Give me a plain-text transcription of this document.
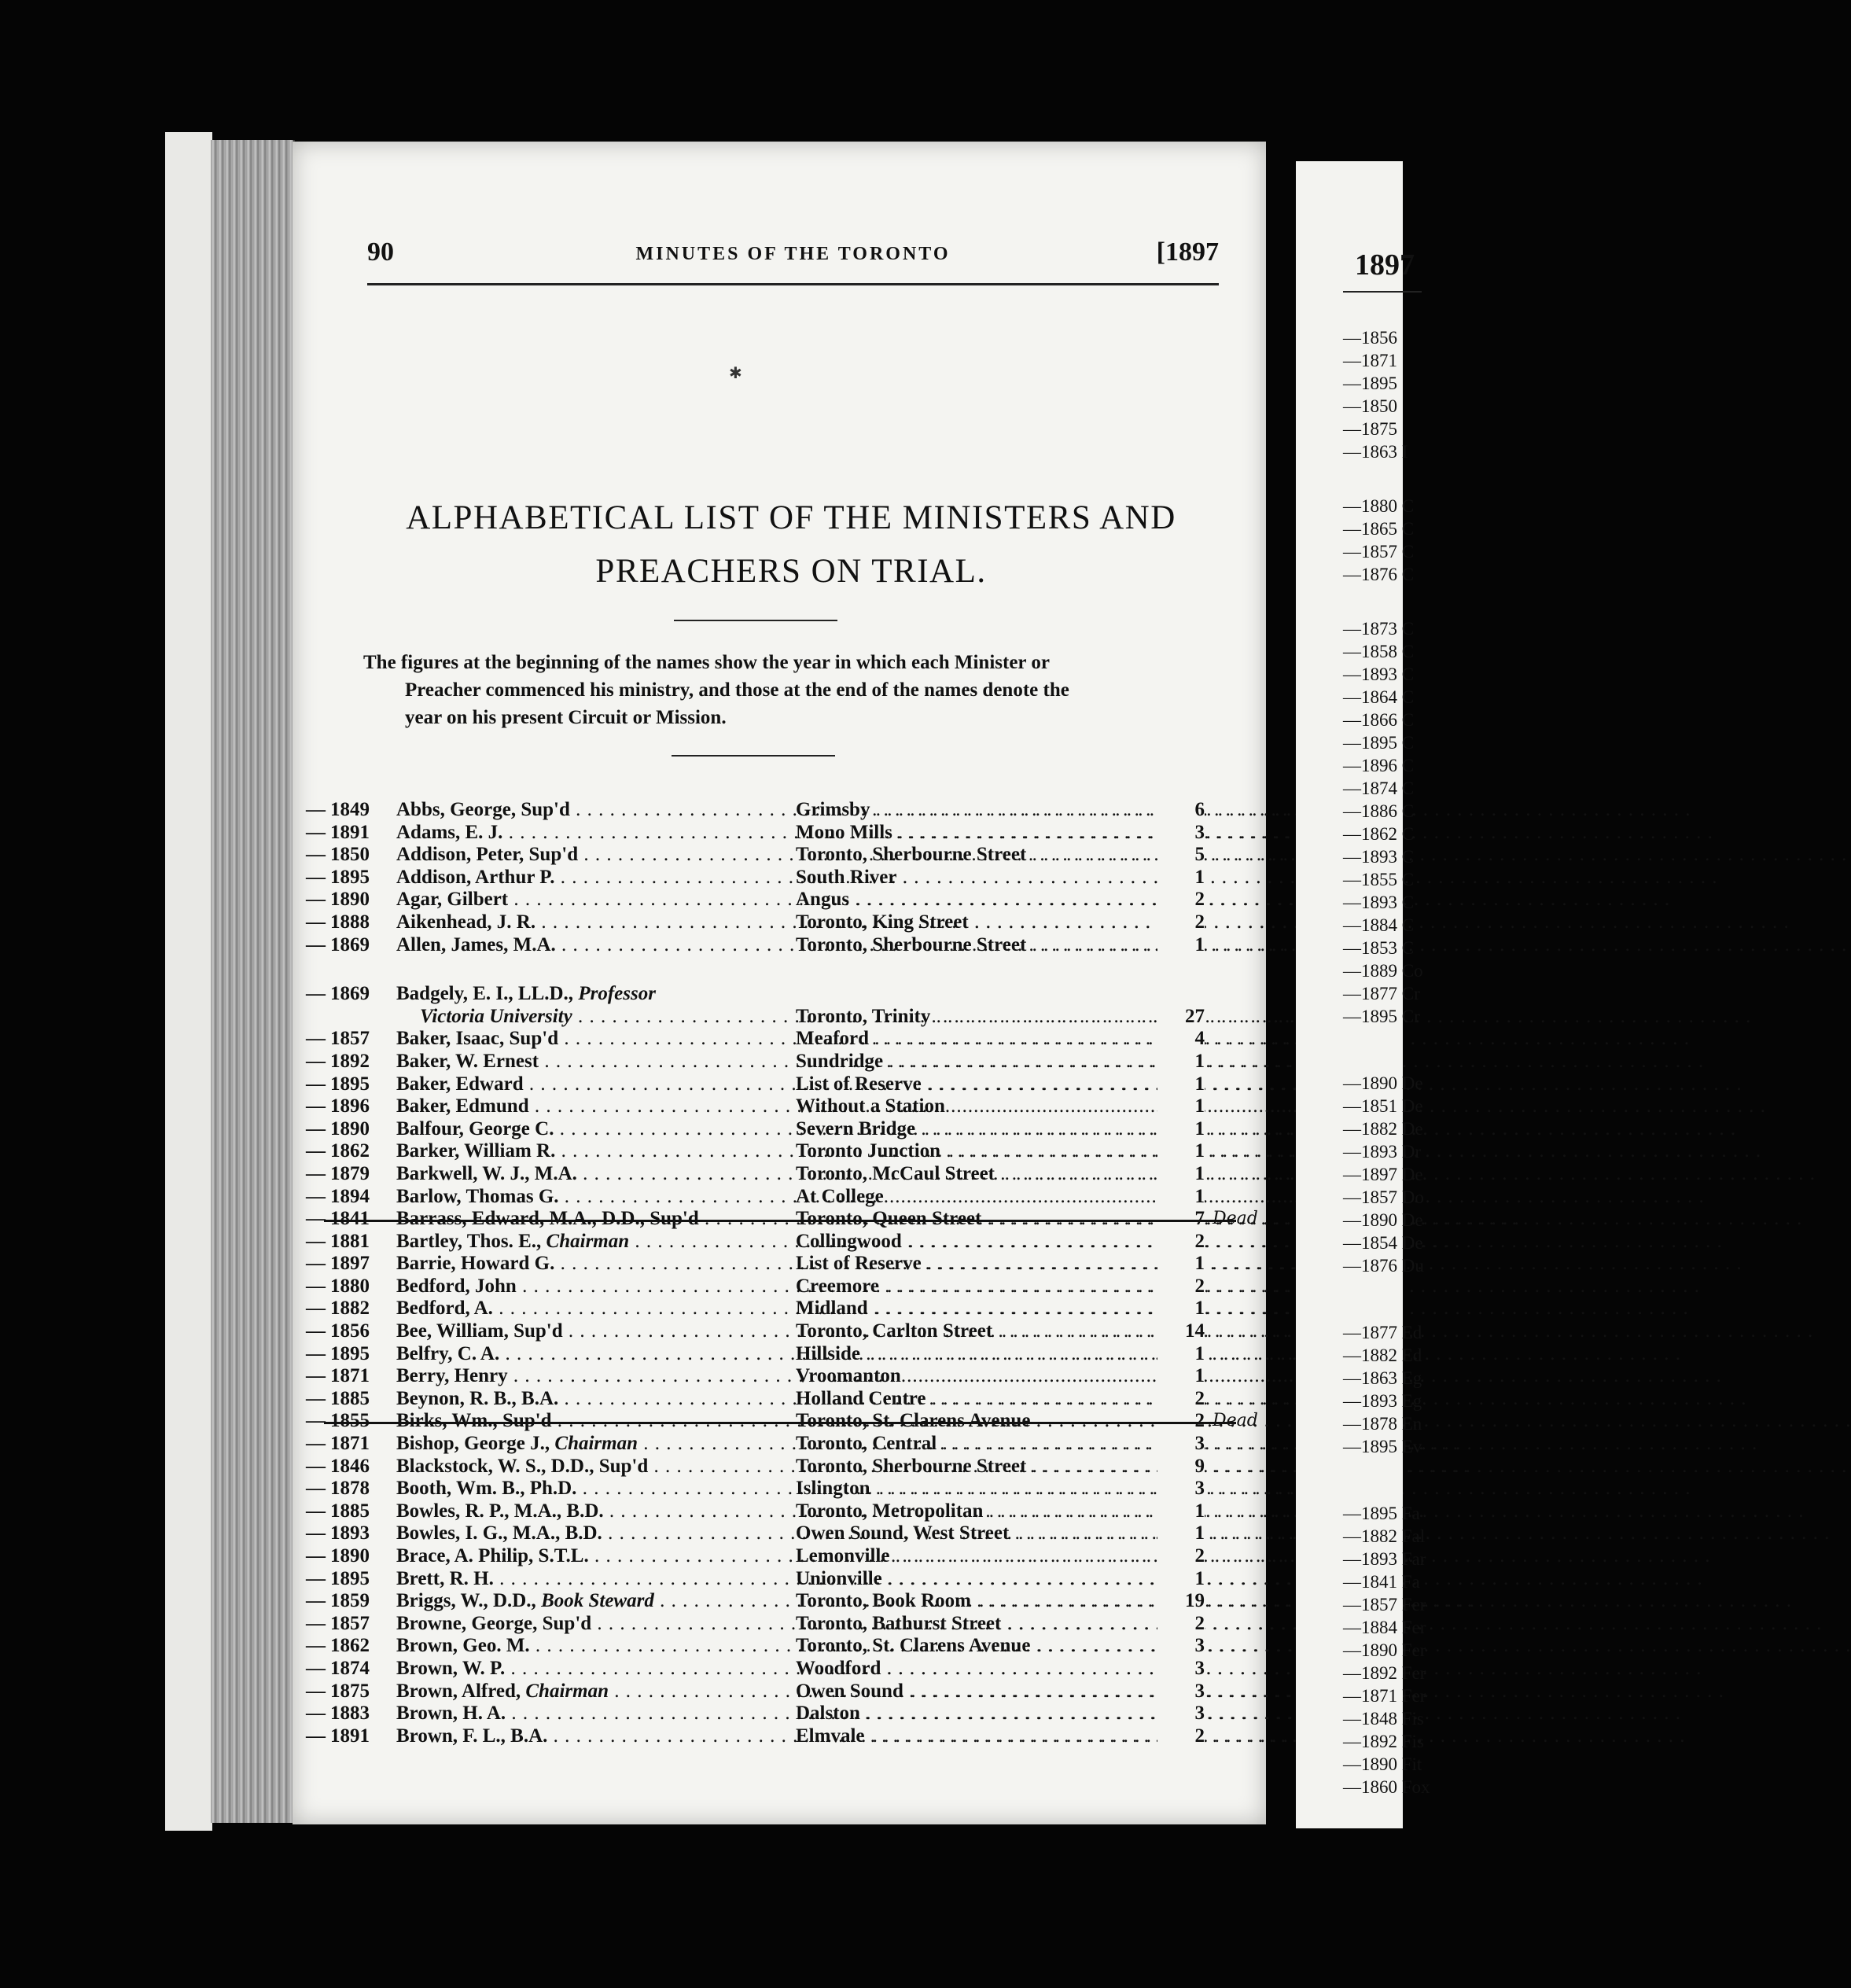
90	MINUTES OF THE TORONTO	[1897
✱
ALPHABETICAL LIST OF THE MINISTERS AND
PREACHERS ON TRIAL.

The figures at the beginning of the names show the year in which each Minister or

Preacher commenced his ministry, and those at the end of the names denote the

year on his present Circuit or Mission.

— 1849	Abbs, George, Sup'd . . .	Grimsby . . .	6
— 1891	Adams, E. J. . . .	Mono Mills . . .	3
— 1850	Addison, Peter, Sup'd . . .	Toronto, Sherbourne Street . . .	5
— 1895	Addison, Arthur P. . . .	South River . . .	1
— 1890	Agar, Gilbert . . .	Angus . . .	2
— 1888	Aikenhead, J. R. . . .	Toronto, King Street . . .	2
— 1869	Allen, James, M.A. . . .	Toronto, Sherbourne Street . . .	1
— 1869	Badgely, E. I., LL.D., Professor
Victoria University . . .	Toronto, Trinity . . .	27
— 1857	Baker, Isaac, Sup'd . . .	Meaford . . .	4
— 1892	Baker, W. Ernest . . .	Sundridge . . .	1
— 1895	Baker, Edward . . .	List of Reserve . . .	1
— 1896	Baker, Edmund . . .	Without a Station . . .	1
— 1890	Balfour, George C. . . .	Severn Bridge . . .	1
— 1862	Barker, William R. . . .	Toronto Junction . . .	1
— 1879	Barkwell, W. J., M.A. . . .	Toronto, McCaul Street . . .	1
— 1894	Barlow, Thomas G. . . .	At College . . .	1
— 1841	Barrass, Edward, M.A., D.D., Sup'd . . .	Toronto, Queen Street . . .	7 Dead
— 1881	Bartley, Thos. E., Chairman . . .	Collingwood . . .	2
— 1897	Barrie, Howard G. . . .	List of Reserve . . .	1
— 1880	Bedford, John . . .	Creemore . . .	2
— 1882	Bedford, A. . . .	Midland . . .	1
— 1856	Bee, William, Sup'd . . .	Toronto, Carlton Street . . .	14
— 1895	Belfry, C. A. . . .	Hillside . . .	1
— 1871	Berry, Henry . . .	Vroomanton . . .	1
— 1885	Beynon, R. B., B.A. . . .	Holland Centre . . .	2
— 1855	Birks, Wm., Sup'd . . .	Toronto, St. Clarens Avenue . . .	2 Dead
— 1871	Bishop, George J., Chairman . . .	Toronto, Central . . .	3
— 1846	Blackstock, W. S., D.D., Sup'd . . .	Toronto, Sherbourne Street . . .	9
— 1878	Booth, Wm. B., Ph.D. . . .	Islington . . .	3
— 1885	Bowles, R. P., M.A., B.D. . . .	Toronto, Metropolitan . . .	1
— 1893	Bowles, I. G., M.A., B.D. . . .	Owen Sound, West Street . . .	1
— 1890	Brace, A. Philip, S.T.L. . . .	Lemonville . . .	2
— 1895	Brett, R. H. . . .	Unionville . . .	1
— 1859	Briggs, W., D.D., Book Steward . . .	Toronto, Book Room . . .	19
— 1857	Browne, George, Sup'd . . .	Toronto, Bathurst Street . . .	2
— 1862	Brown, Geo. M. . . .	Toronto, St. Clarens Avenue . . .	3
— 1874	Brown, W. P. . . .	Woodford . . .	3
— 1875	Brown, Alfred, Chairman . . .	Owen Sound . . .	3
— 1883	Brown, H. A. . . .	Dalston . . .	3
— 1891	Brown, F. L., B.A. . . .	Elmvale . . .	2
1897
—1856
—1871
—1895
—1850
—1875
—1863 I
—1880 C
—1865 C
—1857 C
—1876 C
—1873 C
—1858 C
—1893 C
—1864 C
—1866 C
—1895 C
—1896 C
—1874 C
—1886 C
—1862 C
—1893 C
—1855 C
—1893 C
—1884 C
—1853 C
—1889 Co
—1877 Cr
—1895 Cr
—1890 De
—1851 De
—1882 De
—1893 Dr
—1897 De
—1857 Do
—1890 De
—1854 De
—1876 Du
—1877 Ed
—1882 Ed
—1863 Eg
—1893 Eg
—1878 En
—1895 Ev
—1895 Fa
—1882 Fal
—1893 Far
—1841 Fa
—1857 Fer
—1884 Fer
—1890 Fer
—1892 Fer
—1871 Fer
—1848 Fis
—1892 Fis
—1890 Fit
—1860 Fox
